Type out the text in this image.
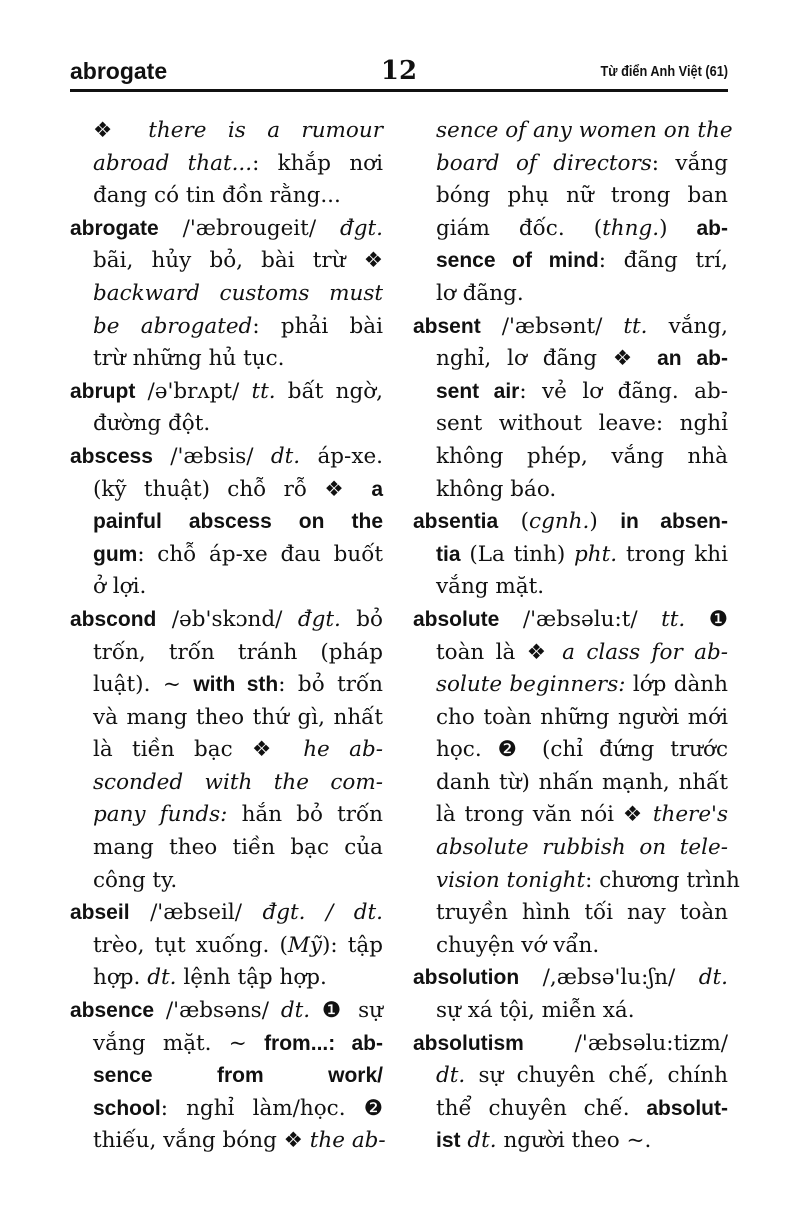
abrogate	12	Từ điển Anh Việt (61)
❖ there is a rumour
abroad that...: khắp nơi
đang có tin đồn rằng...
abrogate /'æbrougeit/ đgt.
bãi, hủy bỏ, bài trừ ❖
backward customs must
be abrogated: phải bài
trừ những hủ tục.
abrupt /ə'brʌpt/ tt. bất ngờ,
đường đột.
abscess /'æbsis/ dt. áp-xe.
(kỹ thuật) chỗ rỗ ❖ a
painful abscess on the
gum: chỗ áp-xe đau buốt
ở lợi.
abscond /əb'skɔnd/ đgt. bỏ
trốn, trốn tránh (pháp
luật). ~ with sth: bỏ trốn
và mang theo thứ gì, nhất
là tiền bạc ❖ he ab-
sconded with the com-
pany funds: hắn bỏ trốn
mang theo tiền bạc của
công ty.
abseil /'æbseil/ đgt. / dt.
trèo, tụt xuống. (Mỹ): tập
hợp. dt. lệnh tập hợp.
absence /'æbsəns/ dt. ❶ sự
vắng mặt. ~ from...: ab-
sence from work/
school: nghỉ làm/học. ❷
thiếu, vắng bóng ❖ the ab-
sence of any women on the
board of directors: vắng
bóng phụ nữ trong ban
giám đốc. (thng.) ab-
sence of mind: đãng trí,
lơ đãng.
absent /'æbsənt/ tt. vắng,
nghỉ, lơ đãng ❖ an ab-
sent air: vẻ lơ đãng. ab-
sent without leave: nghỉ
không phép, vắng nhà
không báo.
absentia (cgnh.) in absen-
tia (La tinh) pht. trong khi
vắng mặt.
absolute /'æbsəlu:t/ tt. ❶
toàn là ❖ a class for ab-
solute beginners: lớp dành
cho toàn những người mới
học. ❷ (chỉ đứng trước
danh từ) nhấn mạnh, nhất
là trong văn nói ❖ there's
absolute rubbish on tele-
vision tonight: chương trình
truyền hình tối nay toàn
chuyện vớ vẩn.
absolution /,æbsə'lu:ʃn/ dt.
sự xá tội, miễn xá.
absolutism /'æbsəlu:tizm/
dt. sự chuyên chế, chính
thể chuyên chế. absolut-
ist dt. người theo ~.
